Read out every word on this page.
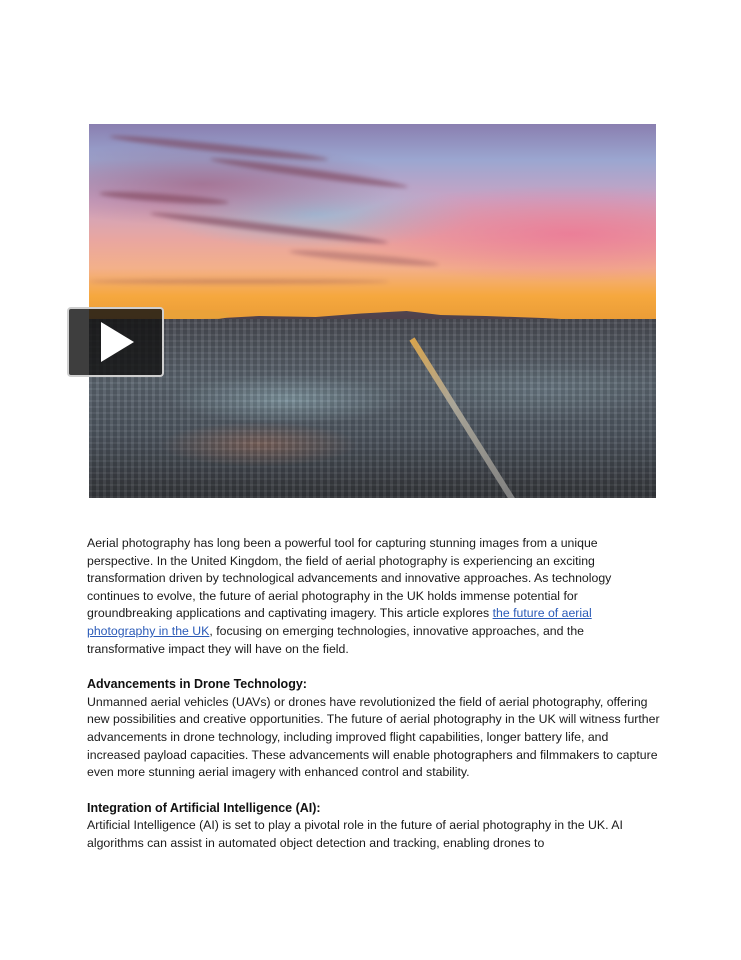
Aerial photography has long been a powerful tool for capturing stunning images from a unique perspective. In the United Kingdom, the field of aerial photography is experiencing an exciting transformation driven by technological advancements and innovative approaches. As technology continues to evolve, the future of aerial photography in the UK holds immense potential for groundbreaking applications and captivating imagery. This article explores the future of aerial photography in the UK, focusing on emerging technologies, innovative approaches, and the transformative impact they will have on the field.

Advancements in Drone Technology:

Unmanned aerial vehicles (UAVs) or drones have revolutionized the field of aerial photography, offering new possibilities and creative opportunities. The future of aerial photography in the UK will witness further advancements in drone technology, including improved flight capabilities, longer battery life, and increased payload capacities. These advancements will enable photographers and filmmakers to capture even more stunning aerial imagery with enhanced control and stability.

Integration of Artificial Intelligence (AI):

Artificial Intelligence (AI) is set to play a pivotal role in the future of aerial photography in the UK. AI algorithms can assist in automated object detection and tracking, enabling drones to
